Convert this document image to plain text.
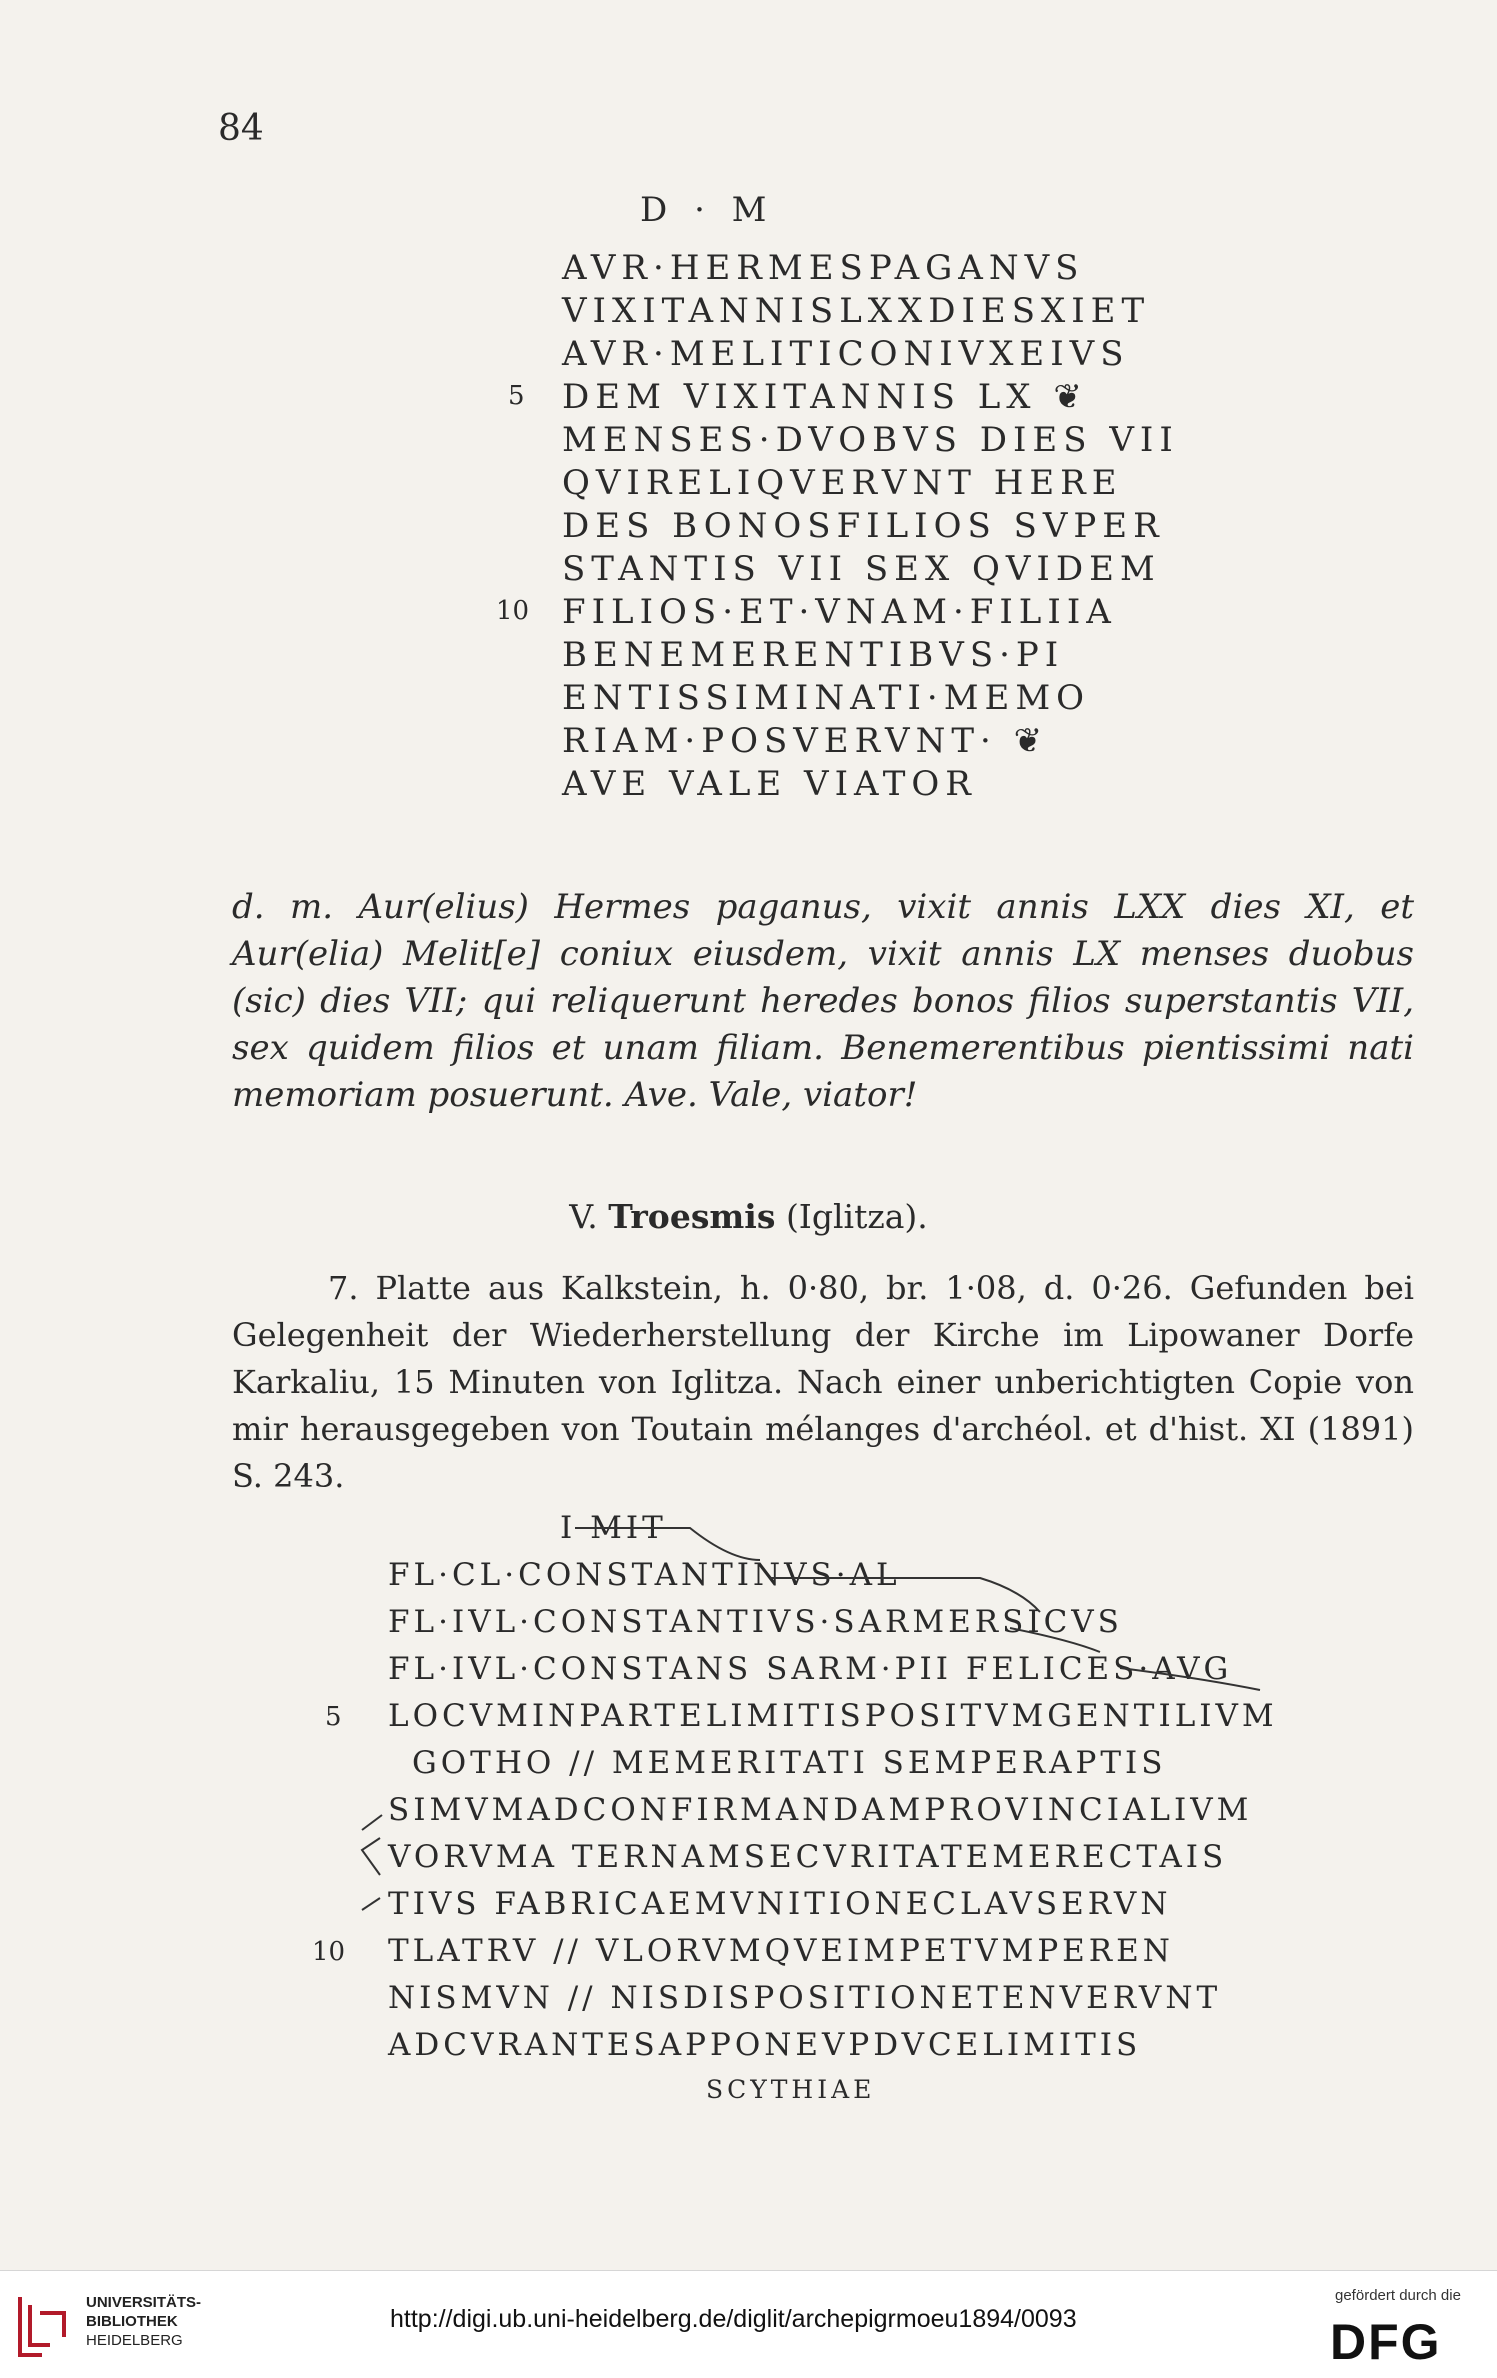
84
D · M
AVR·HERMESPAGANVS
VIXITANNISLXXDIESXIET
AVR·MELITICONIVXEIVS
5 DEM VIXITANNIS LX ❦
MENSES·DVOBVS DIES VII
QVIRELIQVERVNT HERE
DES BONOSFILIOS SVPER
STANTIS VII SEX QVIDEM
10 FILIOS·ET·VNAM·FILIIA
BENEMERENTIBVS·PI
ENTISSIMINATI·MEMO
RIAM·POSVERVNT· ❦
AVE VALE VIATOR
d. m. Aur(elius) Hermes paganus, vixit annis LXX dies XI, et Aur(elia) Melit[e] coniux eiusdem, vixit annis LX menses duobus (sic) dies VII; qui reliquerunt heredes bonos filios superstantis VII, sex quidem filios et unam filiam. Benemerentibus pientissimi nati memoriam posuerunt. Ave. Vale, viator!
V. Troesmis (Iglitza).
7. Platte aus Kalkstein, h. 0·80, br. 1·08, d. 0·26. Gefunden bei Gelegenheit der Wiederherstellung der Kirche im Lipowaner Dorfe Karkaliu, 15 Minuten von Iglitza. Nach einer unberichtigten Copie von mir herausgegeben von Toutain mélanges d'archéol. et d'hist. XI (1891) S. 243.
I MIT
FL·CL·CONSTANTINVS·AL
FL·IVL·CONSTANTIVS·SARMERSICVS
FL·IVL·CONSTANS SARM·PII FELICES·AVG
5 LOCVMINPARTELIMITISPOSITVMGENTILIVM
GOTHO // MEMERITATI SEMPERAPTIS
SIMVMADCONFIRMANDAMPROVINCIALIVM
VORVMA TERNAMSECVRITATEMERECTAIS
TIVS FABRICAEMVNITIONECLAVSERVN
10 TLATRV // VLORVMQVEIMPETVMPEREN
NISMVN // NISDISPOSITIONETENVERVNT
ADCVRANTESAPPONEVPDVCELIMITIS
SCYTHIAE
UNIVERSITÄTS-
BIBLIOTHEK
HEIDELBERG
http://digi.ub.uni-heidelberg.de/diglit/archepigrmoeu1894/0093
gefördert durch die
DFG
